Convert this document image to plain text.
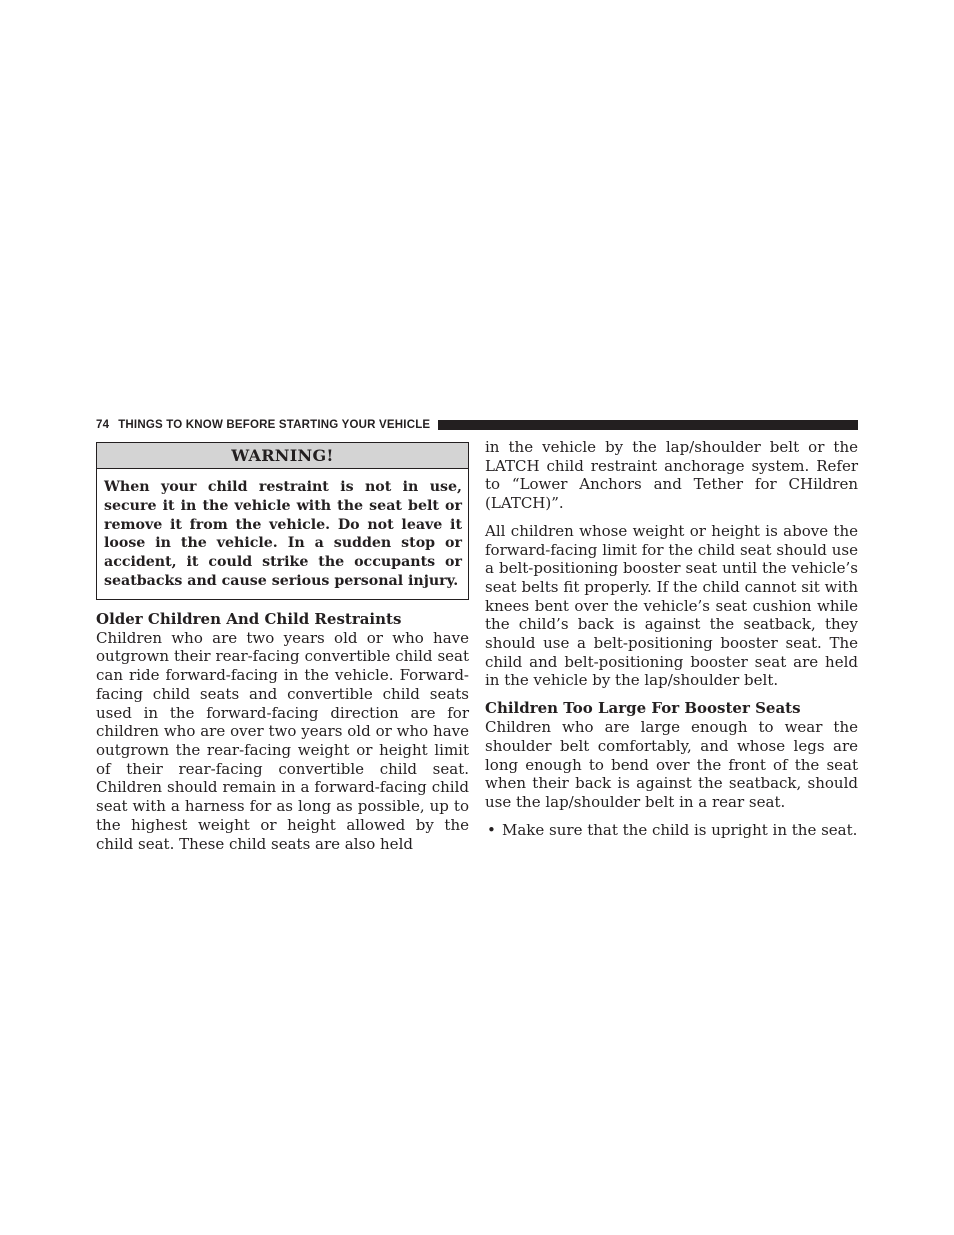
74 THINGS TO KNOW BEFORE STARTING YOUR VEHICLE
WARNING!
When your child restraint is not in use, secure it in the vehicle with the seat belt or remove it from the vehicle. Do not leave it loose in the vehicle. In a sudden stop or accident, it could strike the occupants or seatbacks and cause serious personal injury.
Older Children And Child Restraints

Children who are two years old or who have outgrown their rear-facing convertible child seat can ride forward-facing in the vehicle. Forward-facing child seats and convertible child seats used in the forward-facing direction are for children who are over two years old or who have outgrown the rear-facing weight or height limit of their rear-facing convertible child seat. Children should remain in a forward-facing child seat with a harness for as long as possible, up to the highest weight or height allowed by the child seat. These child seats are also held

in the vehicle by the lap/shoulder belt or the LATCH child restraint anchorage system. Refer to “Lower Anchors and Tether for CHildren (LATCH)”.

All children whose weight or height is above the forward-facing limit for the child seat should use a belt-positioning booster seat until the vehicle’s seat belts fit properly. If the child cannot sit with knees bent over the vehicle’s seat cushion while the child’s back is against the seatback, they should use a belt-positioning booster seat. The child and belt-positioning booster seat are held in the vehicle by the lap/shoulder belt.

Children Too Large For Booster Seats

Children who are large enough to wear the shoulder belt comfortably, and whose legs are long enough to bend over the front of the seat when their back is against the seatback, should use the lap/shoulder belt in a rear seat.

• Make sure that the child is upright in the seat.
